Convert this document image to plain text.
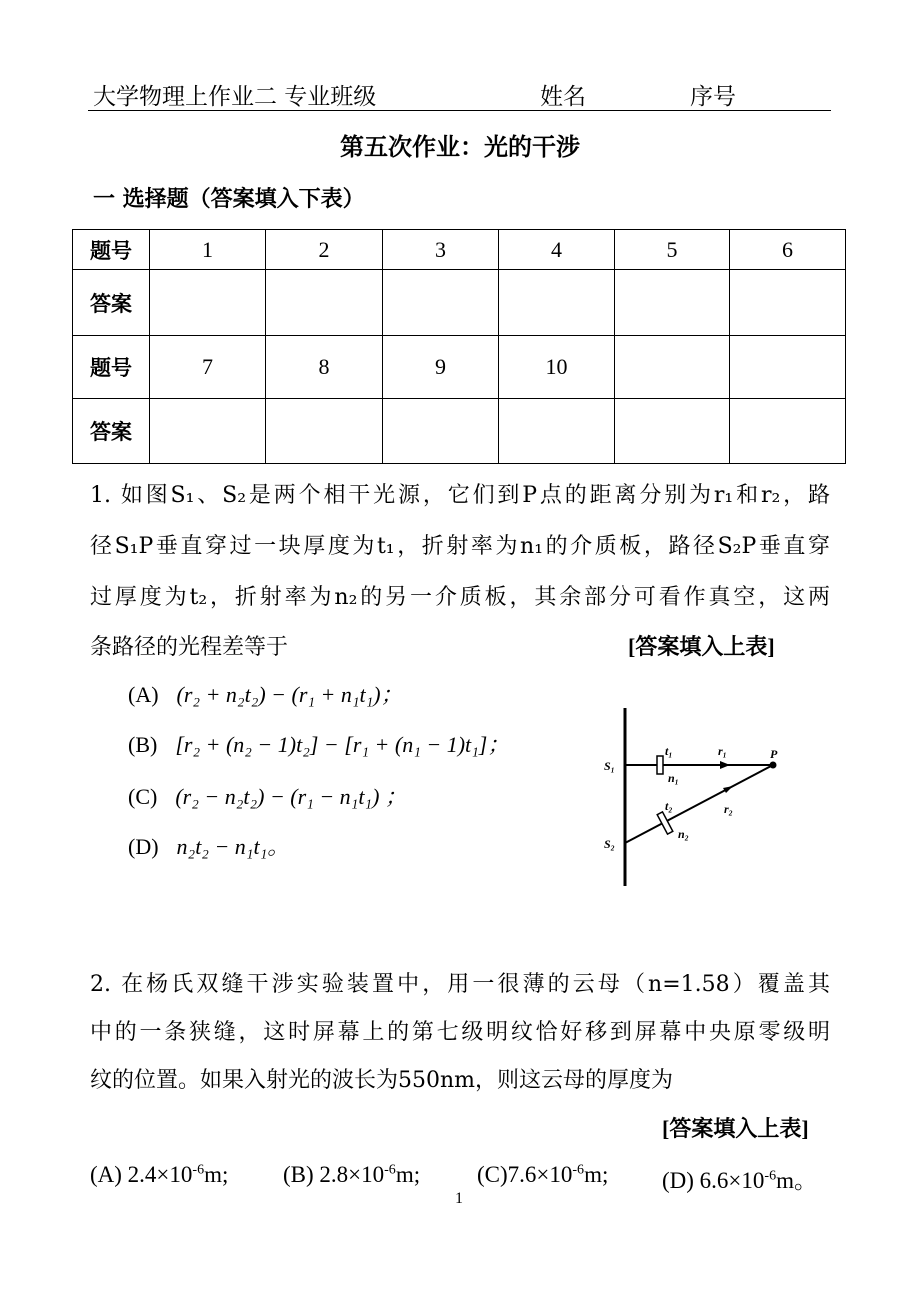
大学物理上作业二 专业班级	姓名	序号
第五次作业：光的干涉
一 选择题（答案填入下表）
题号	1	2	3	4	5	6
答案						
题号	7	8	9	10		
答案						
1. 如图S₁、S₂是两个相干光源，它们到P点的距离分别为r₁和r₂，路
径S₁P垂直穿过一块厚度为t₁，折射率为n₁的介质板，路径S₂P垂直穿
过厚度为t₂，折射率为n₂的另一介质板，其余部分可看作真空，这两
条路径的光程差等于	[答案填入上表]
(A) (r₂ + n₂t₂) − (r₁ + n₁t₁)；
(B) [r₂ + (n₂ − 1)t₂] − [r₁ + (n₁ − 1)t₁]；
(C) (r₂ − n₂t₂) − (r₁ − n₁t₁) ；
(D) n₂t₂ − n₁t₁。
S₁
S₂
t₁
n₁
r₁	P
t₂
n₂
r₂
2. 在杨氏双缝干涉实验装置中，用一很薄的云母（n=1.58）覆盖其
中的一条狭缝，这时屏幕上的第七级明纹恰好移到屏幕中央原零级明
纹的位置。如果入射光的波长为550nm，则这云母的厚度为
[答案填入上表]
(A) $2.4\times 10^{-6}m$; (B) $2.8\times 10^{-6}m$; $(C)7.6\times 10^{-6}m$; (D) $6.6\times 10^{-6}m$。
1
